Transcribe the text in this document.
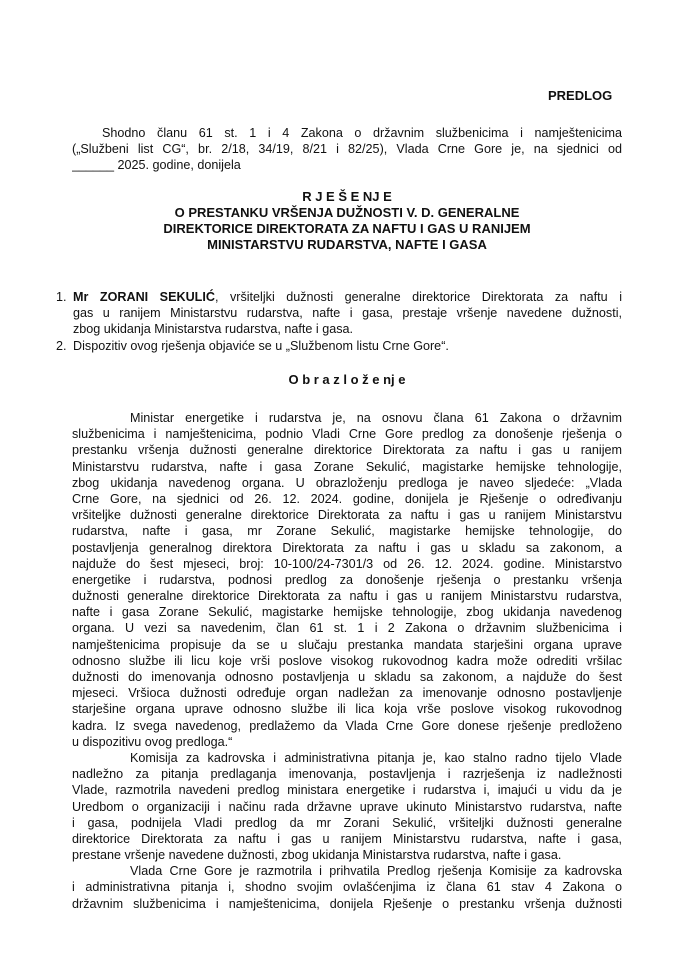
PREDLOG
Shodno članu 61 st. 1 i 4 Zakona o državnim službenicima i namještenicima
(„Službeni list CG“, br. 2/18, 34/19, 8/21 i 82/25), Vlada Crne Gore je, na sjednici od
______ 2025. godine, donijela
R J E Š E NJ E
O PRESTANKU VRŠENJA DUŽNOSTI V. D. GENERALNE
DIREKTORICE DIREKTORATA ZA NAFTU I GAS U RANIJEM
MINISTARSTVU RUDARSTVA, NAFTE I GASA
1. Mr ZORANI SEKULIĆ, vršiteljki dužnosti generalne direktorice Direktorata za naftu i
gas u ranijem Ministarstvu rudarstva, nafte i gasa, prestaje vršenje navedene dužnosti,
zbog ukidanja Ministarstva rudarstva, nafte i gasa.
2. Dispozitiv ovog rješenja objaviće se u „Službenom listu Crne Gore“.
O b r a z l o ž e nj e
Ministar energetike i rudarstva je, na osnovu člana 61 Zakona o državnim
službenicima i namještenicima, podnio Vladi Crne Gore predlog za donošenje rješenja o
prestanku vršenja dužnosti generalne direktorice Direktorata za naftu i gas u ranijem
Ministarstvu rudarstva, nafte i gasa Zorane Sekulić, magistarke hemijske tehnologije,
zbog ukidanja navedenog organa. U obrazloženju predloga je naveo sljedeće: „Vlada
Crne Gore, na sjednici od 26. 12. 2024. godine, donijela je Rješenje o određivanju
vršiteljke dužnosti generalne direktorice Direktorata za naftu i gas u ranijem Ministarstvu
rudarstva, nafte i gasa, mr Zorane Sekulić, magistarke hemijske tehnologije, do
postavljenja generalnog direktora Direktorata za naftu i gas u skladu sa zakonom, a
najduže do šest mjeseci, broj: 10-100/24-7301/3 od 26. 12. 2024. godine. Ministarstvo
energetike i rudarstva, podnosi predlog za donošenje rješenja o prestanku vršenja
dužnosti generalne direktorice Direktorata za naftu i gas u ranijem Ministarstvu rudarstva,
nafte i gasa Zorane Sekulić, magistarke hemijske tehnologije, zbog ukidanja navedenog
organa. U vezi sa navedenim, član 61 st. 1 i 2 Zakona o državnim službenicima i
namještenicima propisuje da se u slučaju prestanka mandata starješini organa uprave
odnosno službe ili licu koje vrši poslove visokog rukovodnog kadra može odrediti vršilac
dužnosti do imenovanja odnosno postavljenja u skladu sa zakonom, a najduže do šest
mjeseci. Vršioca dužnosti određuje organ nadležan za imenovanje odnosno postavljenje
starješine organa uprave odnosno službe ili lica koja vrše poslove visokog rukovodnog
kadra. Iz svega navedenog, predlažemo da Vlada Crne Gore donese rješenje predloženo
u dispozitivu ovog predloga.“
Komisija za kadrovska i administrativna pitanja je, kao stalno radno tijelo Vlade
nadležno za pitanja predlaganja imenovanja, postavljenja i razrješenja iz nadležnosti
Vlade, razmotrila navedeni predlog ministara energetike i rudarstva i, imajući u vidu da je
Uredbom o organizaciji i načinu rada državne uprave ukinuto Ministarstvo rudarstva, nafte
i gasa, podnijela Vladi predlog da mr Zorani Sekulić, vršiteljki dužnosti generalne
direktorice Direktorata za naftu i gas u ranijem Ministarstvu rudarstva, nafte i gasa,
prestane vršenje navedene dužnosti, zbog ukidanja Ministarstva rudarstva, nafte i gasa.
Vlada Crne Gore je razmotrila i prihvatila Predlog rješenja Komisije za kadrovska
i administrativna pitanja i, shodno svojim ovlašćenjima iz člana 61 stav 4 Zakona o
državnim službenicima i namještenicima, donijela Rješenje o prestanku vršenja dužnosti
